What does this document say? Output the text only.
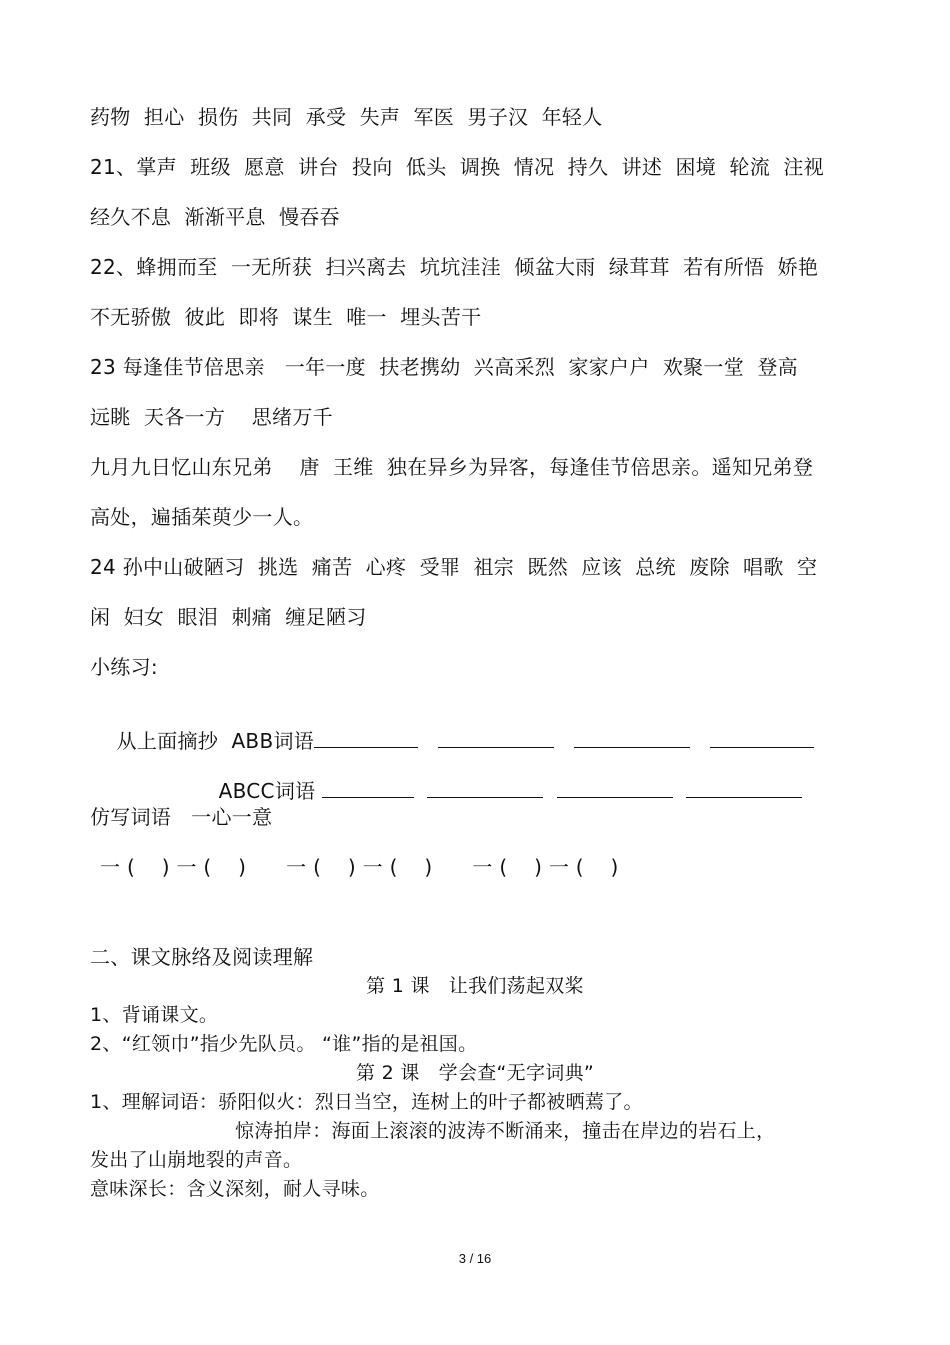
药物  担心  损伤  共同  承受  失声  军医  男子汉  年轻人
21、掌声  班级  愿意  讲台  投向  低头  调换  情况  持久  讲述  困境  轮流  注视
经久不息  渐渐平息  慢吞吞
22、蜂拥而至  一无所获  扫兴离去  坑坑洼洼  倾盆大雨  绿茸茸  若有所悟  娇艳
不无骄傲  彼此  即将  谋生  唯一  埋头苦干
23 每逢佳节倍思亲   一年一度  扶老携幼  兴高采烈  家家户户  欢聚一堂  登高
远眺  天各一方    思绪万千
九月九日忆山东兄弟    唐  王维  独在异乡为异客，每逢佳节倍思亲。遥知兄弟登
高处，遍插茱萸少一人。
24 孙中山破陋习  挑选  痛苦  心疼  受罪  祖宗  既然  应该  总统  废除  唱歌  空
闲  妇女  眼泪  刺痛  缠足陋习
小练习:

从上面摘抄  ABB词语

ABCC词语

仿写词语   一心一意
一 (    ) 一 (    )      一 (    ) 一 (    )      一 (    ) 一 (    )
二、课文脉络及阅读理解
第 1 课   让我们荡起双桨
1、背诵课文。
2、“红领巾”指少先队员。 “谁”指的是祖国。
第 2 课   学会查“无字词典”
1、理解词语：骄阳似火：烈日当空，连树上的叶子都被晒蔫了。
惊涛拍岸：海面上滚滚的波涛不断涌来，撞击在岸边的岩石上，
发出了山崩地裂的声音。
意味深长：含义深刻，耐人寻味。
3 / 16
